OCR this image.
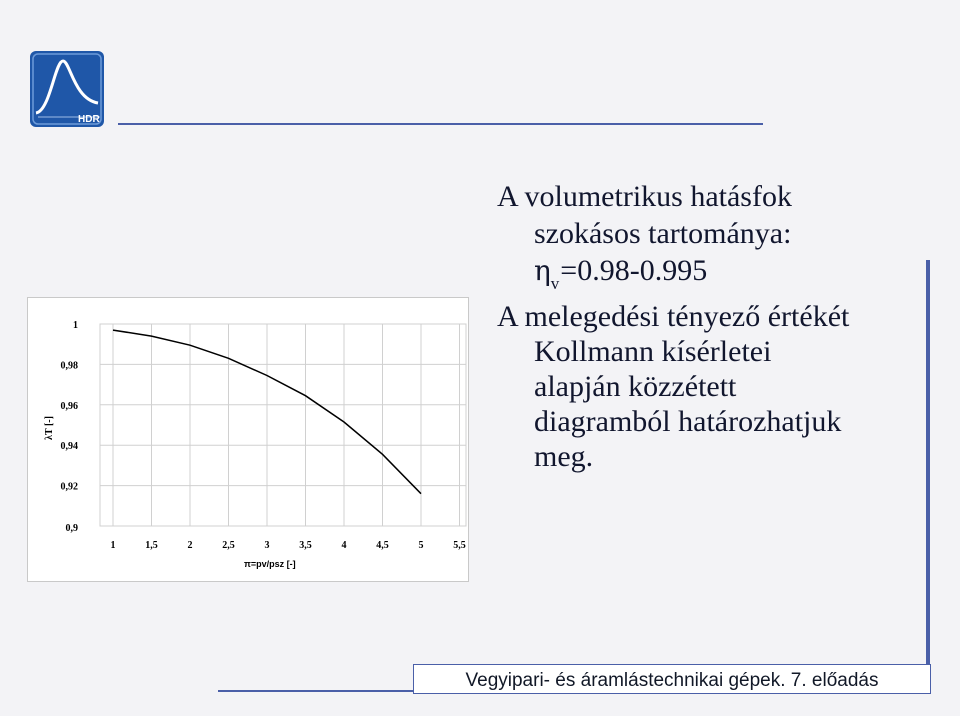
HDR
A volumetrikus hatásfok
szokásos tartománya:
$\eta_v=0.98-0.995$
A melegedési tényező értékét
Kollmann kísérletei
alapján közzétett
diagramból határozhatjuk
meg.
0,9
0,92
0,94
0,96
0,98
1
1	1,5	2	2,5	3	3,5	4	4,5	5	5,5
π=pv/psz [-]
λT [-]
Vegyipari- és áramlástechnikai gépek. 7. előadás
